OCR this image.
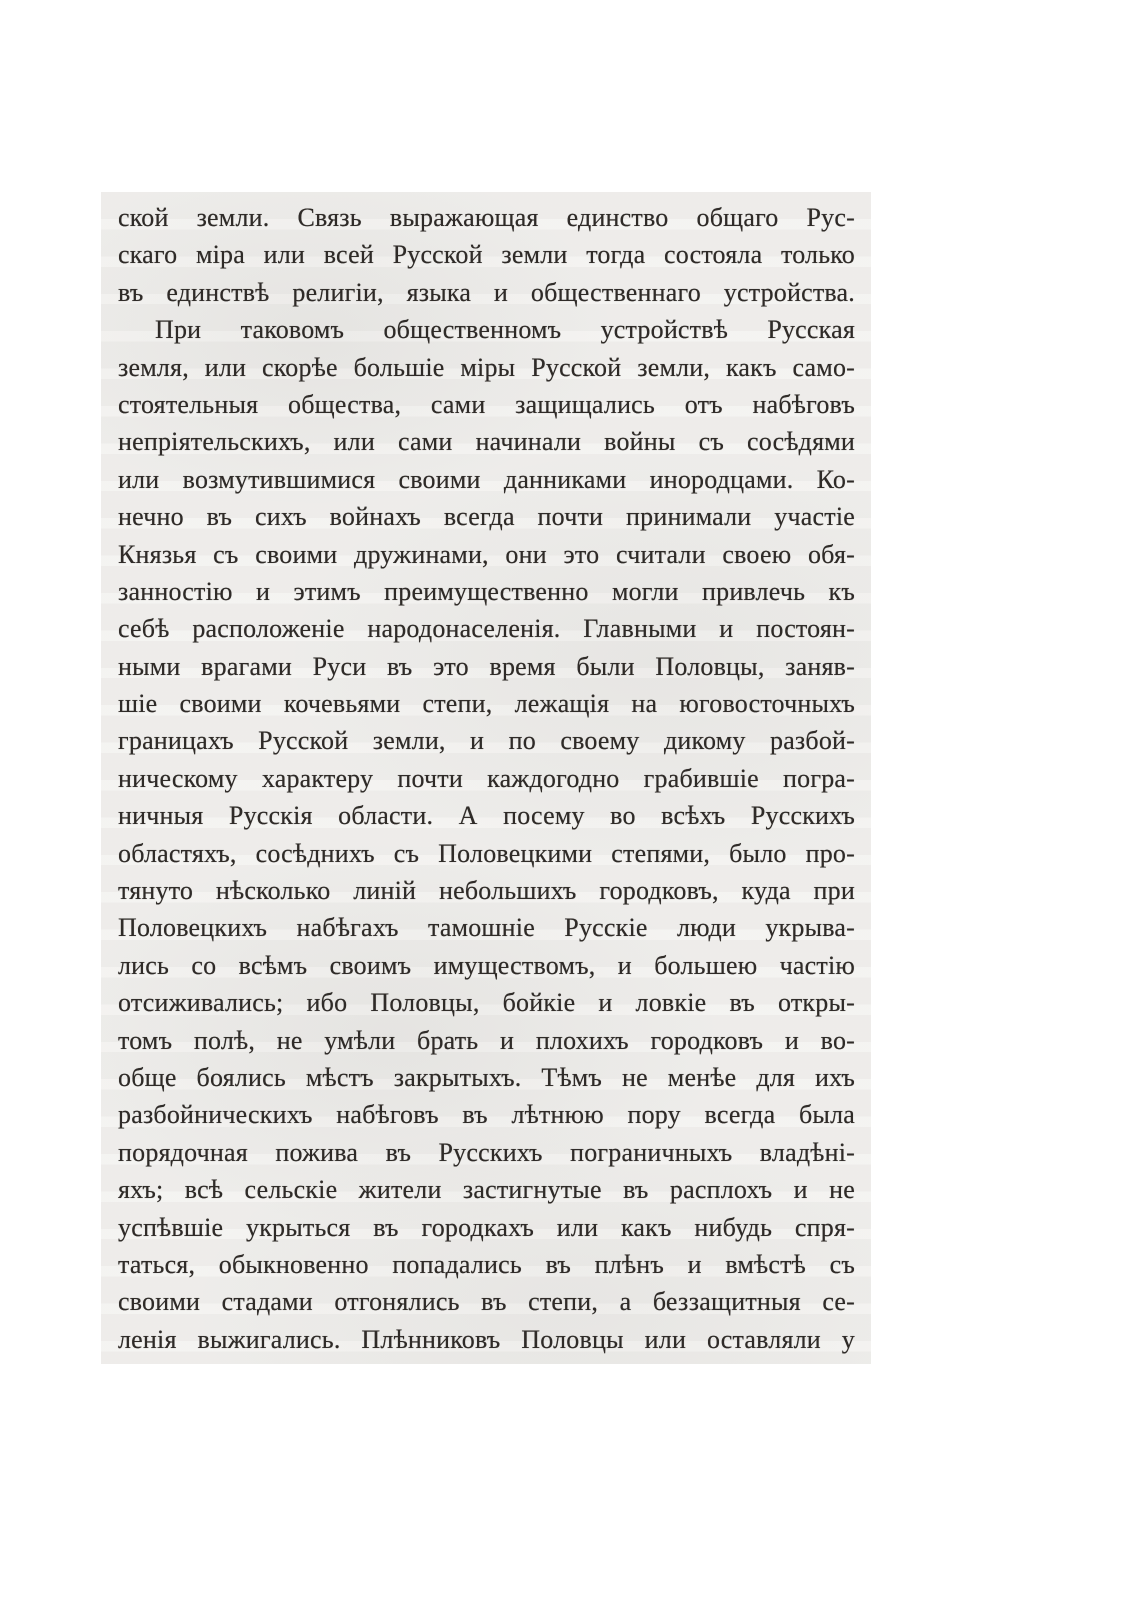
ской земли. Связь выражающая единство общаго Рус-
скаго міра или всей Русской земли тогда состояла только
въ единствѣ религіи, языка и общественнаго устройства.
При таковомъ общественномъ устройствѣ Русская
земля, или скорѣе большіе міры Русской земли, какъ само-
стоятельныя общества, сами защищались отъ набѣговъ
непріятельскихъ, или сами начинали войны съ сосѣдями
или возмутившимися своими данниками инородцами. Ко-
нечно въ сихъ войнахъ всегда почти принимали участіе
Князья съ своими дружинами, они это считали своею обя-
занностію и этимъ преимущественно могли привлечь къ
себѣ расположеніе народонаселенія. Главными и постоян-
ными врагами Руси въ это время были Половцы, заняв-
шіе своими кочевьями степи, лежащія на юговосточныхъ
границахъ Русской земли, и по своему дикому разбой-
ническому характеру почти каждогодно грабившіе погра-
ничныя Русскія области. А посему во всѣхъ Русскихъ
областяхъ, сосѣднихъ съ Половецкими степями, было про-
тянуто нѣсколько линій небольшихъ городковъ, куда при
Половецкихъ набѣгахъ тамошніе Русскіе люди укрыва-
лись со всѣмъ своимъ имуществомъ, и большею частію
отсиживались; ибо Половцы, бойкіе и ловкіе въ откры-
томъ полѣ, не умѣли брать и плохихъ городковъ и во-
обще боялись мѣстъ закрытыхъ. Тѣмъ не менѣе для ихъ
разбойническихъ набѣговъ въ лѣтнюю пору всегда была
порядочная пожива въ Русскихъ пограничныхъ владѣні-
яхъ; всѣ сельскіе жители застигнутые въ расплохъ и не
успѣвшіе укрыться въ городкахъ или какъ нибудь спря-
таться, обыкновенно попадались въ плѣнъ и вмѣстѣ съ
своими стадами отгонялись въ степи, а беззащитныя се-
ленія выжигались. Плѣнниковъ Половцы или оставляли у
